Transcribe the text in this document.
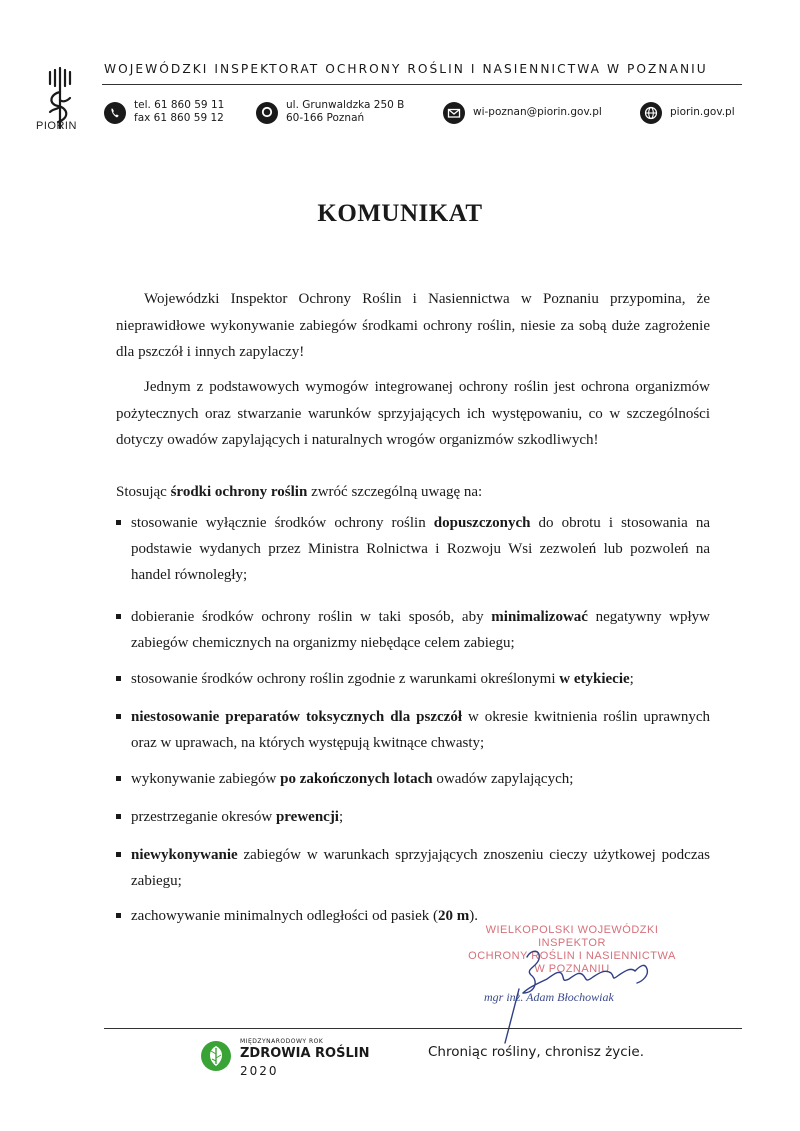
PIORIN
WOJEWÓDZKI INSPEKTORAT OCHRONY ROŚLIN I NASIENNICTWA W POZNANIU
tel. 61 860 59 11
fax 61 860 59 12
ul. Grunwaldzka 250 B
60-166 Poznań	wi-poznan@piorin.gov.pl	piorin.gov.pl
KOMUNIKAT

Wojewódzki Inspektor Ochrony Roślin i Nasiennictwa w Poznaniu przypomina, że nieprawidłowe wykonywanie zabiegów środkami ochrony roślin, niesie za sobą duże zagrożenie dla pszczół i innych zapylaczy!

Jednym z podstawowych wymogów integrowanej ochrony roślin jest ochrona organizmów pożytecznych oraz stwarzanie warunków sprzyjających ich występowaniu, co w szczególności dotyczy owadów zapylających i naturalnych wrogów organizmów szkodliwych!

Stosując środki ochrony roślin zwróć szczególną uwagę na:
stosowanie wyłącznie środków ochrony roślin dopuszczonych do obrotu i stosowania na podstawie wydanych przez Ministra Rolnictwa i Rozwoju Wsi zezwoleń lub pozwoleń na handel równoległy;
dobieranie środków ochrony roślin w taki sposób, aby minimalizować negatywny wpływ zabiegów chemicznych na organizmy niebędące celem zabiegu;
stosowanie środków ochrony roślin zgodnie z warunkami określonymi w etykiecie;
niestosowanie preparatów toksycznych dla pszczół w okresie kwitnienia roślin uprawnych oraz w uprawach, na których występują kwitnące chwasty;
wykonywanie zabiegów po zakończonych lotach owadów zapylających;
przestrzeganie okresów prewencji;
niewykonywanie zabiegów w warunkach sprzyjających znoszeniu cieczy użytkowej podczas zabiegu;
zachowywanie minimalnych odległości od pasiek (20 m).
WIELKOPOLSKI WOJEWÓDZKI INSPEKTOR
OCHRONY ROŚLIN I NASIENNICTWA
W POZNANIU
mgr inż. Adam Błochowiak
MIĘDZYNARODOWY ROK
ZDROWIA ROŚLIN
2020
Chroniąc rośliny, chronisz życie.
